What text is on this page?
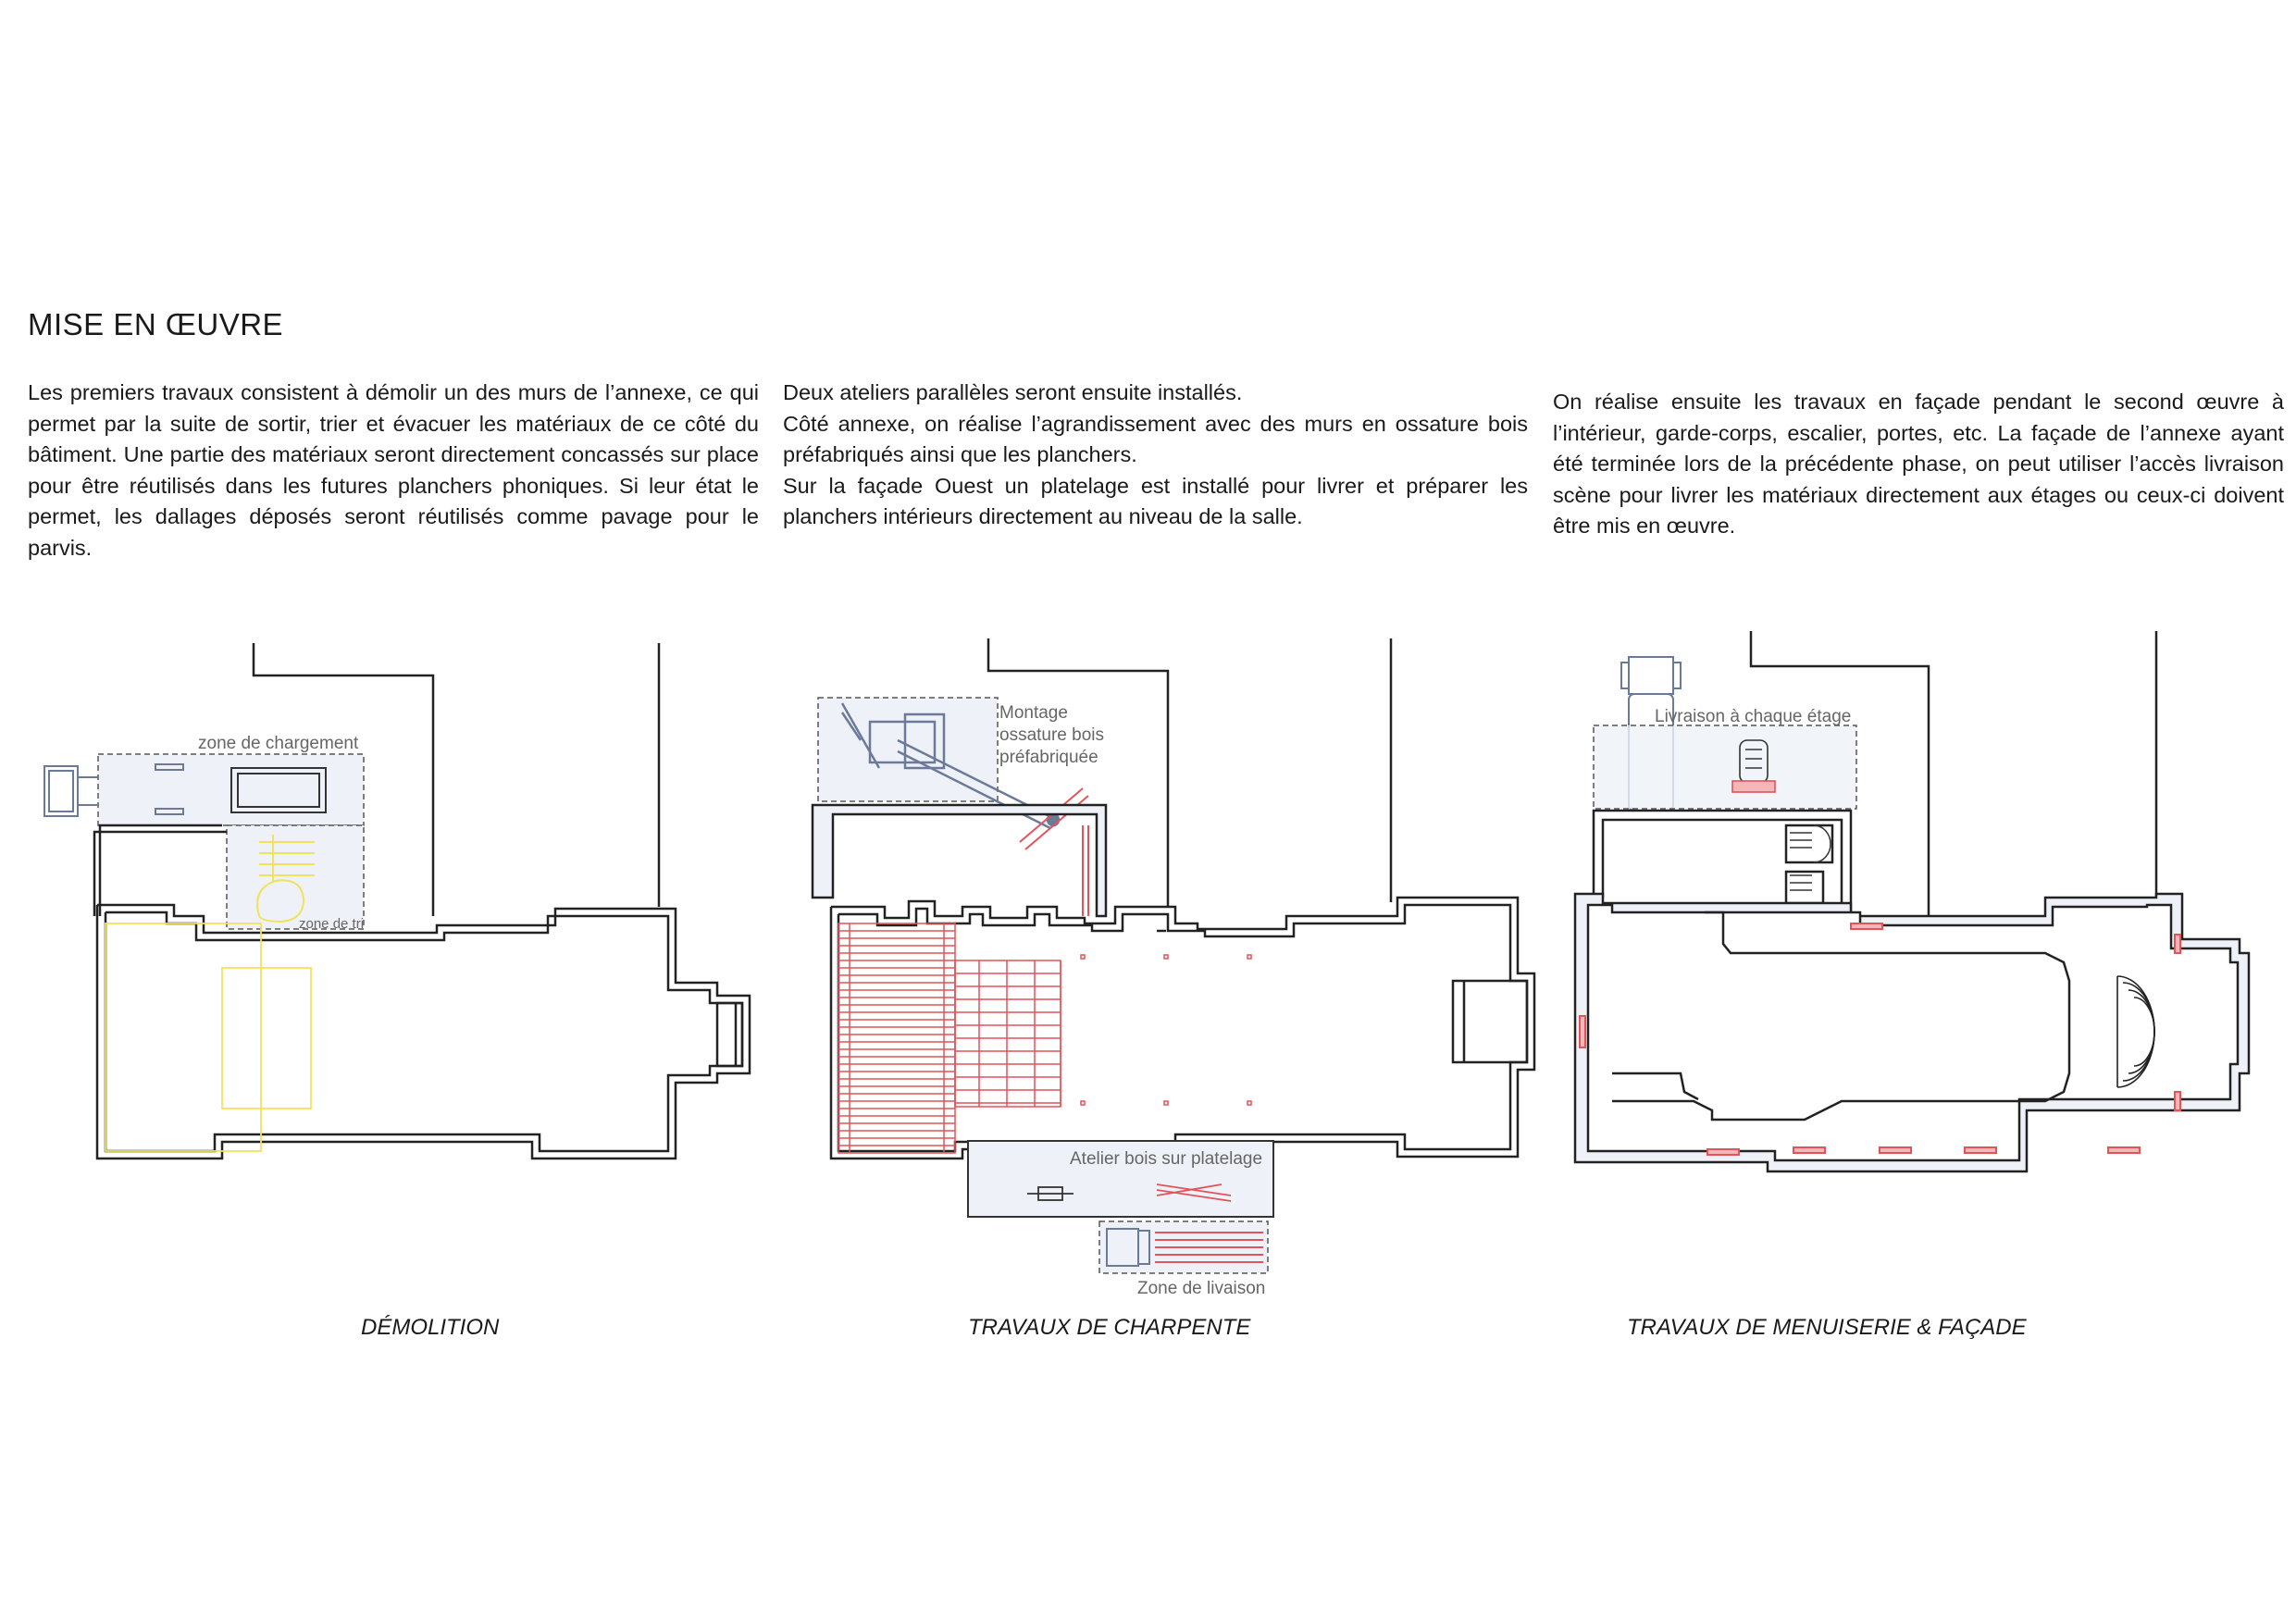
MISE EN ŒUVRE

Les premiers travaux consistent à démolir un des murs de l’annexe, ce qui permet par la suite de sortir, trier et évacuer les matériaux de ce côté du bâtiment. Une partie des matériaux seront directement concassés sur place pour être réutilisés dans les futures planchers phoniques. Si leur état le permet, les dallages déposés seront réutilisés comme pavage pour le parvis.

Deux ateliers parallèles seront ensuite installés.

Côté annexe, on réalise l’agrandissement avec des murs en ossature bois préfabriqués ainsi que les planchers.

Sur la façade Ouest un platelage est installé pour livrer et préparer les planchers intérieurs directement au niveau de la salle.

On réalise ensuite les travaux en façade pendant le second œuvre à l’intérieur, garde-corps, escalier, portes, etc. La façade de l’annexe ayant été terminée lors de la précédente phase, on peut utiliser l’accès livraison scène pour livrer les matériaux directement aux étages ou ceux-ci doivent être mis en œuvre.

zone de chargement
zone de tri

DÉMOLITION

Montage
ossature bois
préfabriquée
Atelier bois sur platelage
Zone de livaison

TRAVAUX DE CHARPENTE

Livraison à chaque étage

TRAVAUX DE MENUISERIE & FAÇADE
